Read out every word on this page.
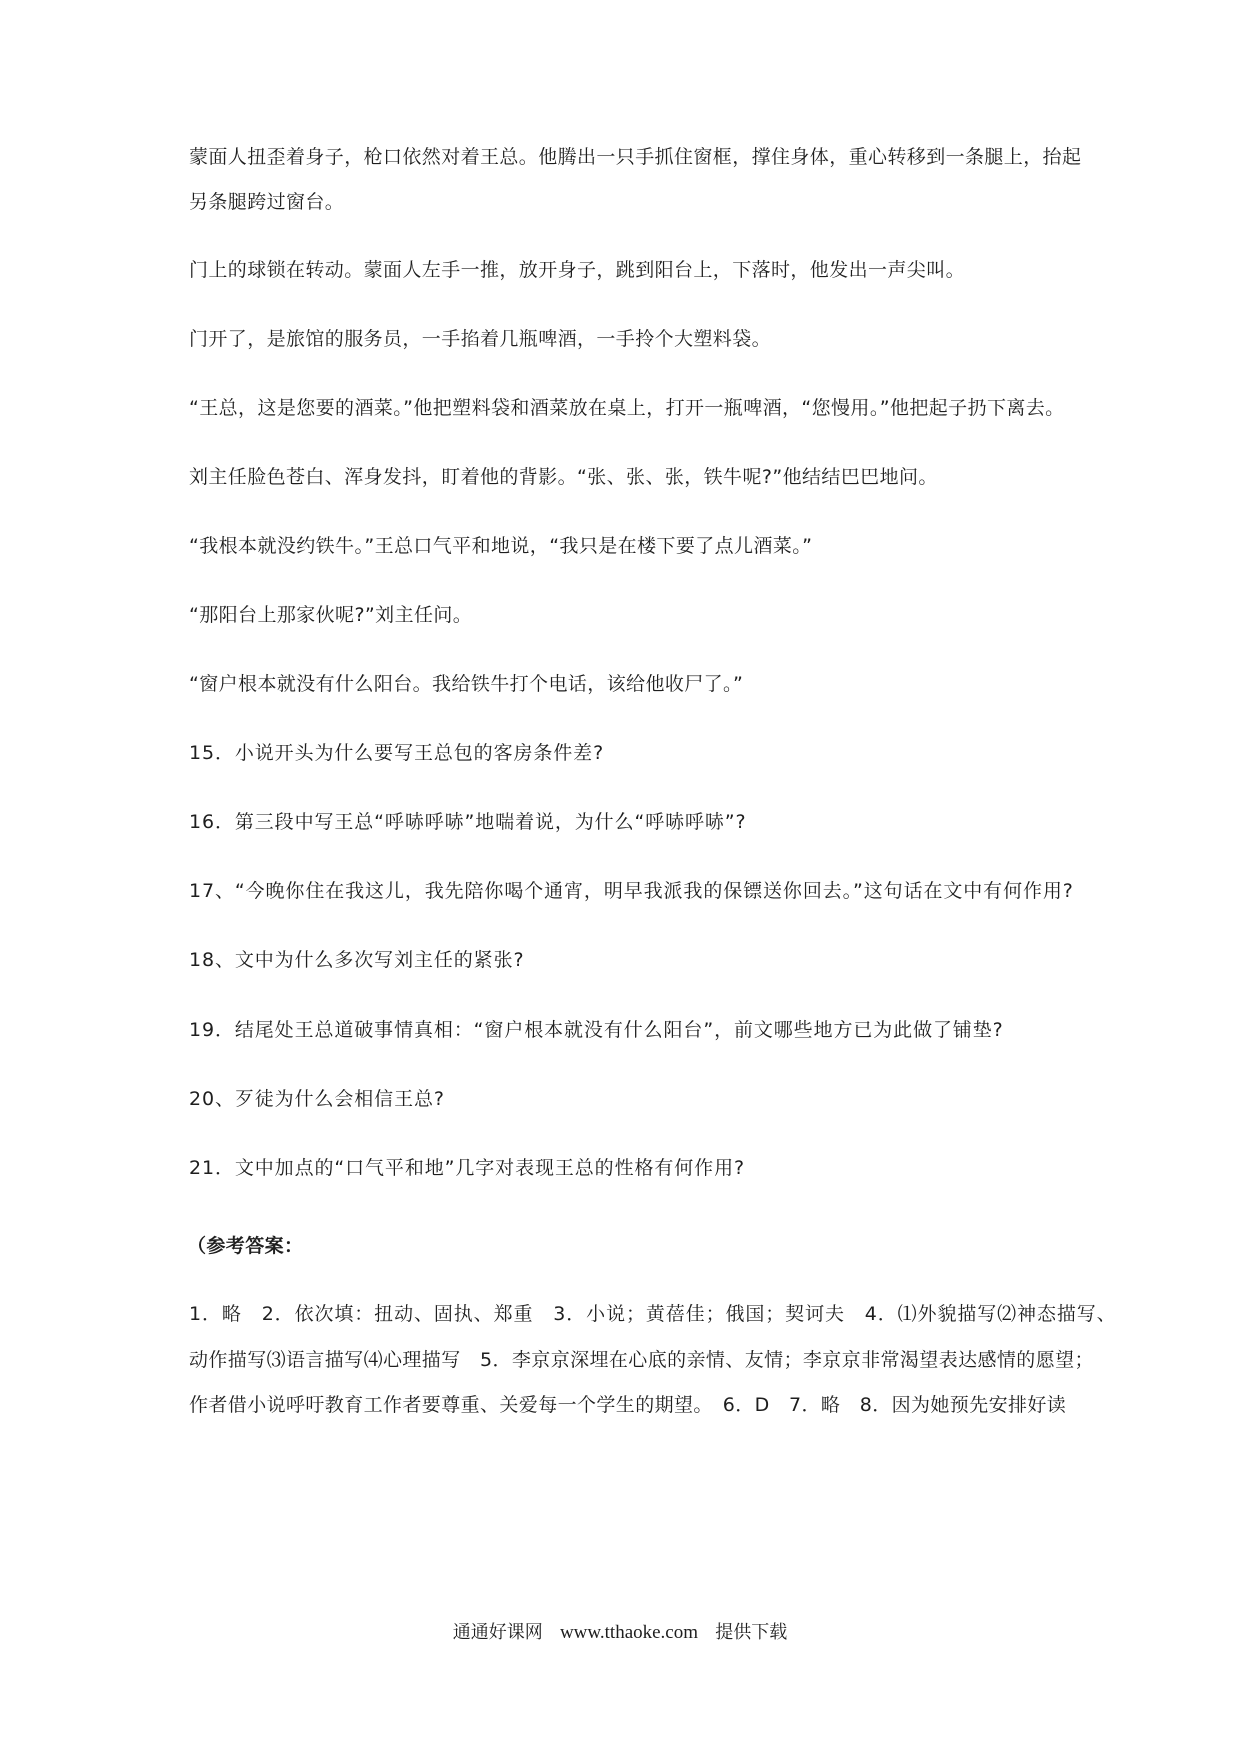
蒙面人扭歪着身子，枪口依然对着王总。他腾出一只手抓住窗框，撑住身体，重心转移到一条腿上，抬起
另条腿跨过窗台。
门上的球锁在转动。蒙面人左手一推，放开身子，跳到阳台上，下落时，他发出一声尖叫。
门开了，是旅馆的服务员，一手掐着几瓶啤酒，一手拎个大塑料袋。
“王总，这是您要的酒菜。”他把塑料袋和酒菜放在桌上，打开一瓶啤酒，“您慢用。”他把起子扔下离去。
刘主任脸色苍白、浑身发抖，盯着他的背影。“张、张、张，铁牛呢?”他结结巴巴地问。
“我根本就没约铁牛。”王总口气平和地说，“我只是在楼下要了点儿酒菜。”
“那阳台上那家伙呢?”刘主任问。
“窗户根本就没有什么阳台。我给铁牛打个电话，该给他收尸了。”
15．小说开头为什么要写王总包的客房条件差?
16．第三段中写王总“呼哧呼哧”地喘着说，为什么“呼哧呼哧”?
17、“今晚你住在我这儿，我先陪你喝个通宵，明早我派我的保镖送你回去。”这句话在文中有何作用?
18、文中为什么多次写刘主任的紧张?
19．结尾处王总道破事情真相：“窗户根本就没有什么阳台”，前文哪些地方已为此做了铺垫?
20、歹徒为什么会相信王总?
21．文中加点的“口气平和地”几字对表现王总的性格有何作用?
（参考答案：
1．略　2．依次填：扭动、固执、郑重　3．小说；黄蓓佳；俄国；契诃夫　4．⑴外貌描写⑵神态描写、
动作描写⑶语言描写⑷心理描写　5．李京京深埋在心底的亲情、友情；李京京非常渴望表达感情的愿望；
作者借小说呼吁教育工作者要尊重、关爱每一个学生的期望。　6．D　7．略　8．因为她预先安排好读
通通好课网 www.tthaoke.com 提供下载
